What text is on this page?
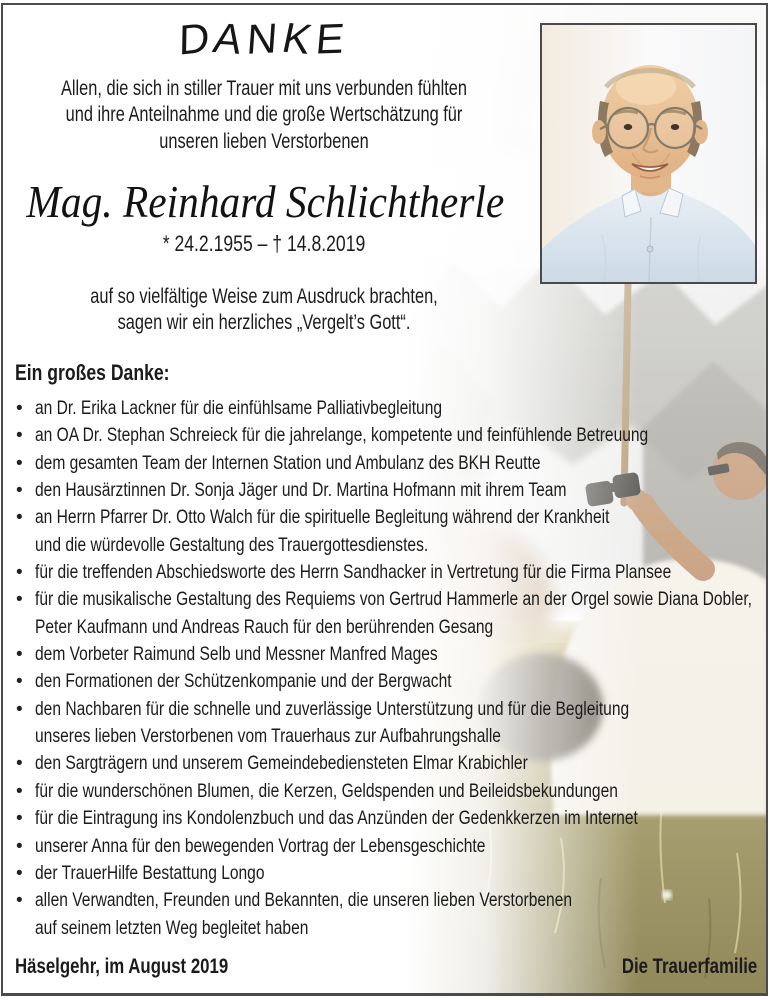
DANKE
Allen, die sich in stiller Trauer mit uns verbunden fühlten
und ihre Anteilnahme und die große Wertschätzung für
unseren lieben Verstorbenen
Mag. Reinhard Schlichtherle
* 24.2.1955 – † 14.8.2019
auf so vielfältige Weise zum Ausdruck brachten,
sagen wir ein herzliches „Vergelt’s Gott“.
Ein großes Danke:
• an Dr. Erika Lackner für die einfühlsame Palliativbegleitung
• an OA Dr. Stephan Schreieck für die jahrelange, kompetente und feinfühlende Betreuung
• dem gesamten Team der Internen Station und Ambulanz des BKH Reutte
• den Hausärztinnen Dr. Sonja Jäger und Dr. Martina Hofmann mit ihrem Team
• an Herrn Pfarrer Dr. Otto Walch für die spirituelle Begleitung während der Krankheit
und die würdevolle Gestaltung des Trauergottesdienstes.
• für die treffenden Abschiedsworte des Herrn Sandhacker in Vertretung für die Firma Plansee
• für die musikalische Gestaltung des Requiems von Gertrud Hammerle an der Orgel sowie Diana Dobler,
Peter Kaufmann und Andreas Rauch für den berührenden Gesang
• dem Vorbeter Raimund Selb und Messner Manfred Mages
• den Formationen der Schützenkompanie und der Bergwacht
• den Nachbaren für die schnelle und zuverlässige Unterstützung und für die Begleitung
unseres lieben Verstorbenen vom Trauerhaus zur Aufbahrungshalle
• den Sargträgern und unserem Gemeindebediensteten Elmar Krabichler
• für die wunderschönen Blumen, die Kerzen, Geldspenden und Beileidsbekundungen
• für die Eintragung ins Kondolenzbuch und das Anzünden der Gedenkkerzen im Internet
• unserer Anna für den bewegenden Vortrag der Lebensgeschichte
• der TrauerHilfe Bestattung Longo
• allen Verwandten, Freunden und Bekannten, die unseren lieben Verstorbenen
auf seinem letzten Weg begleitet haben
Häselgehr, im August 2019	Die Trauerfamilie
